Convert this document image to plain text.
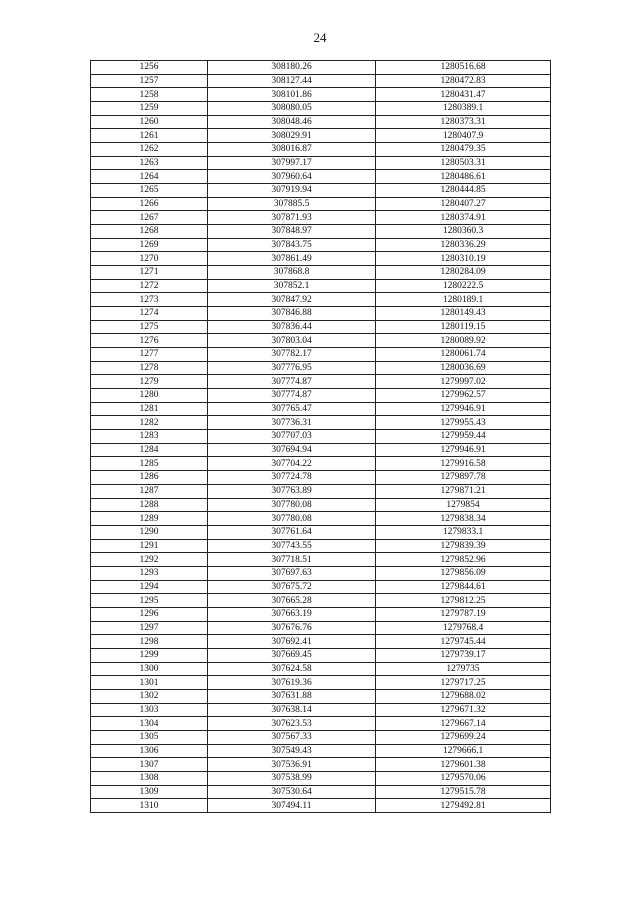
24
1256	308180.26	1280516.68
1257	308127.44	1280472.83
1258	308101.86	1280431.47
1259	308080.05	1280389.1
1260	308048.46	1280373.31
1261	308029.91	1280407.9
1262	308016.87	1280479.35
1263	307997.17	1280503.31
1264	307960.64	1280486.61
1265	307919.94	1280444.85
1266	307885.5	1280407.27
1267	307871.93	1280374.91
1268	307848.97	1280360.3
1269	307843.75	1280336.29
1270	307861.49	1280310.19
1271	307868.8	1280284.09
1272	307852.1	1280222.5
1273	307847.92	1280189.1
1274	307846.88	1280149.43
1275	307836.44	1280119.15
1276	307803.04	1280089.92
1277	307782.17	1280061.74
1278	307776.95	1280036.69
1279	307774.87	1279997.02
1280	307774.87	1279962.57
1281	307765.47	1279946.91
1282	307736.31	1279955.43
1283	307707.03	1279959.44
1284	307694.94	1279946.91
1285	307704.22	1279916.58
1286	307724.78	1279897.78
1287	307763.89	1279871.21
1288	307780.08	1279854
1289	307780.08	1279838.34
1290	307761.64	1279833.1
1291	307743.55	1279839.39
1292	307718.51	1279852.96
1293	307697.63	1279856.09
1294	307675.72	1279844.61
1295	307665.28	1279812.25
1296	307663.19	1279787.19
1297	307676.76	1279768.4
1298	307692.41	1279745.44
1299	307669.45	1279739.17
1300	307624.58	1279735
1301	307619.36	1279717.25
1302	307631.88	1279688.02
1303	307638.14	1279671.32
1304	307623.53	1279667.14
1305	307567.33	1279699.24
1306	307549.43	1279666.1
1307	307536.91	1279601.38
1308	307538.99	1279570.06
1309	307530.64	1279515.78
1310	307494.11	1279492.81
